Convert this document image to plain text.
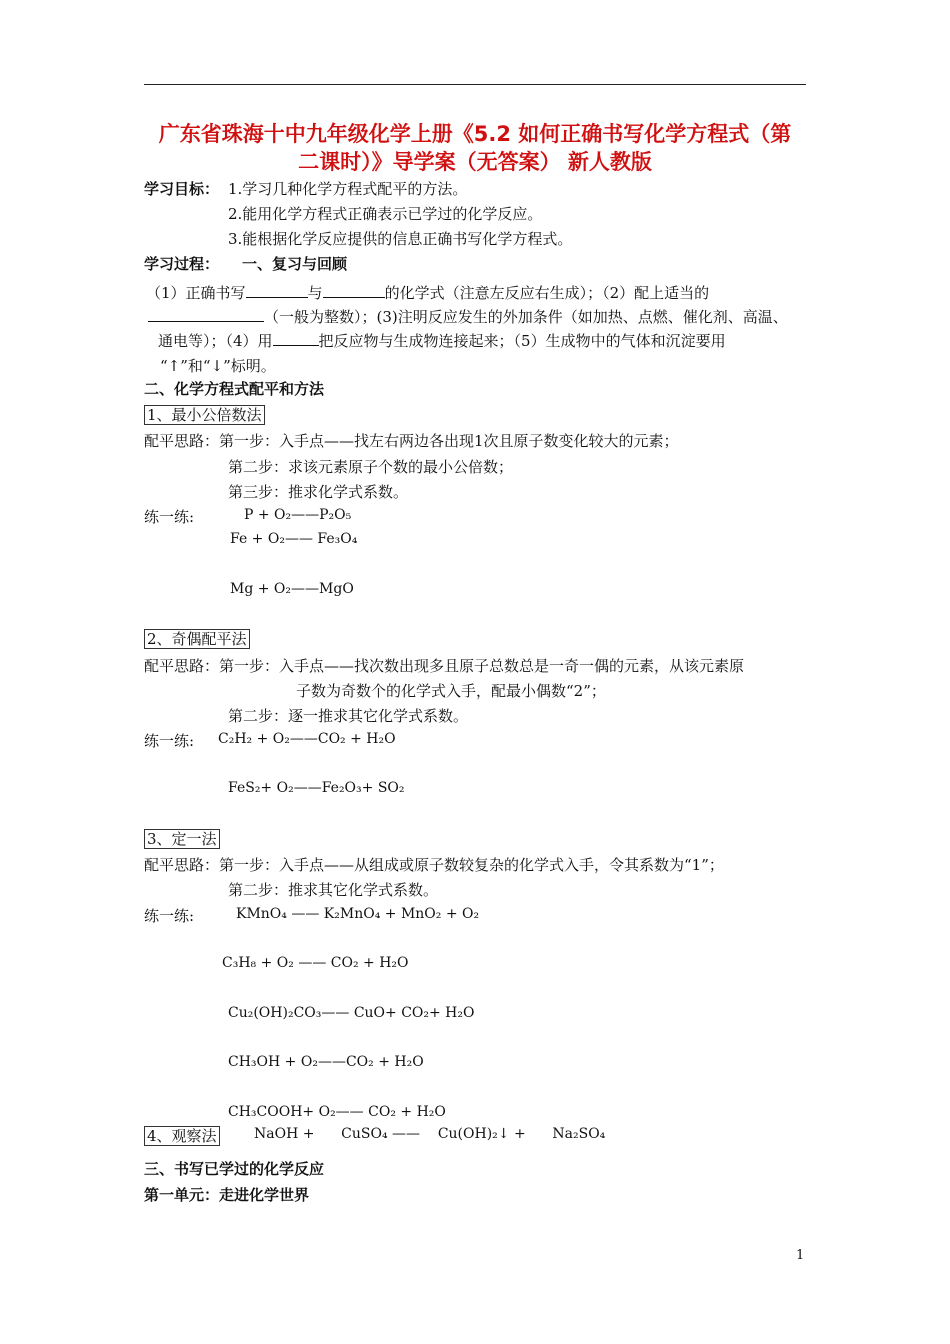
广东省珠海十中九年级化学上册《5.2 如何正确书写化学方程式（第
二课时）》导学案（无答案） 新人教版
学习目标： 1.学习几种化学方程式配平的方法。
2.能用化学方程式正确表示已学过的化学反应。
3.能根据化学反应提供的信息正确书写化学方程式。
学习过程： 一、复习与回顾
（1）正确书写	与	的化学式（注意左反应右生成）；（2）配上适当的
（一般为整数）；(3)注明反应发生的外加条件（如加热、点燃、催化剂、高温、
通电等）；（4）用	把反应物与生成物连接起来；（5）生成物中的气体和沉淀要用
“↑”和“↓”标明。
二、化学方程式配平和方法
1、最小公倍数法
配平思路：第一步：入手点——找左右两边各出现1次且原子数变化较大的元素；
第二步：求该元素原子个数的最小公倍数；
第三步：推求化学式系数。
练一练:	P + O₂——P₂O₅
Fe + O₂—— Fe₃O₄
Mg + O₂——MgO
2、奇偶配平法
配平思路：第一步：入手点——找次数出现多且原子总数总是一奇一偶的元素，从该元素原
子数为奇数个的化学式入手，配最小偶数“2”；
第二步：逐一推求其它化学式系数。
练一练: C₂H₂ + O₂——CO₂ + H₂O
FeS₂+ O₂——Fe₂O₃+ SO₂
3、定一法
配平思路：第一步：入手点——从组成或原子数较复杂的化学式入手，令其系数为“1”；
第二步：推求其它化学式系数。
练一练:	KMnO₄ —— K₂MnO₄ + MnO₂ + O₂
C₃H₈ + O₂ —— CO₂ + H₂O
Cu₂(OH)₂CO₃—— CuO+ CO₂+ H₂O
CH₃OH + O₂——CO₂ + H₂O
CH₃COOH+ O₂—— CO₂ + H₂O
4、观察法	NaOH +      CuSO₄ ——    Cu(OH)₂↓ +      Na₂SO₄
三、书写已学过的化学反应
第一单元：走进化学世界
1
